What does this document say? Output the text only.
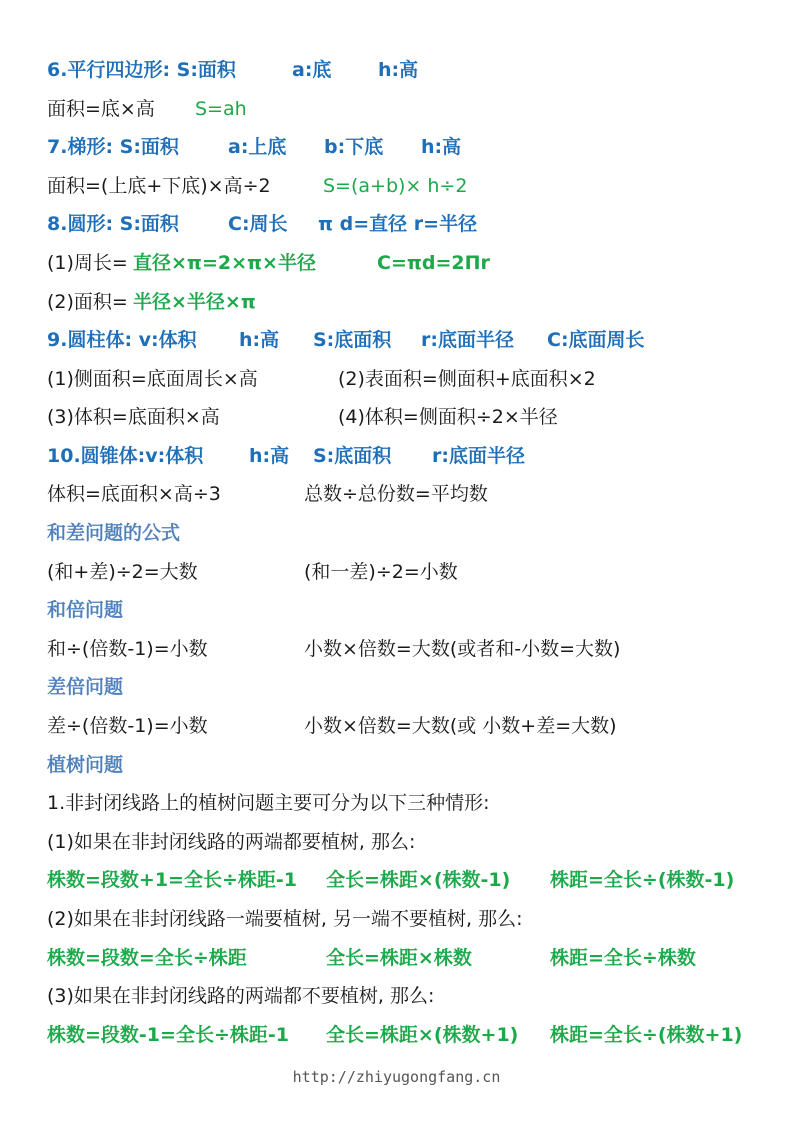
6.平行四边形: S:面积	a:底 h:高
面积=底×高 S=ah
7.梯形: S:面积	a:上底 b:下底 h:高
面积=(上底+下底)×高÷2	S=(a+b)× h÷2
8.圆形: S:面积	C:周长 π d=直径 r=半径
(1)周长= 直径×π=2×π×半径	C=πd=2Πr
(2)面积= 半径×半径×π
9.圆柱体: v:体积 h:高 S:底面积 r:底面半径 C:底面周长
(1)侧面积=底面周长×高	(2)表面积=侧面积+底面积×2
(3)体积=底面积×高	(4)体积=侧面积÷2×半径
10.圆锥体:v:体积 h:高 S:底面积 r:底面半径
体积=底面积×高÷3	总数÷总份数=平均数
和差问题的公式
(和+差)÷2=大数	(和一差)÷2=小数
和倍问题
和÷(倍数-1)=小数	小数×倍数=大数(或者和-小数=大数)
差倍问题
差÷(倍数-1)=小数	小数×倍数=大数(或 小数+差=大数)
植树问题
1.非封闭线路上的植树问题主要可分为以下三种情形:
(1)如果在非封闭线路的两端都要植树, 那么:
株数=段数+1=全长÷株距-1 全长=株距×(株数-1) 株距=全长÷(株数-1)
(2)如果在非封闭线路一端要植树, 另一端不要植树, 那么:
株数=段数=全长÷株距	全长=株距×株数	株距=全长÷株数
(3)如果在非封闭线路的两端都不要植树, 那么:
株数=段数-1=全长÷株距-1 全长=株距×(株数+1) 株距=全长÷(株数+1)
http://zhiyugongfang.cn
